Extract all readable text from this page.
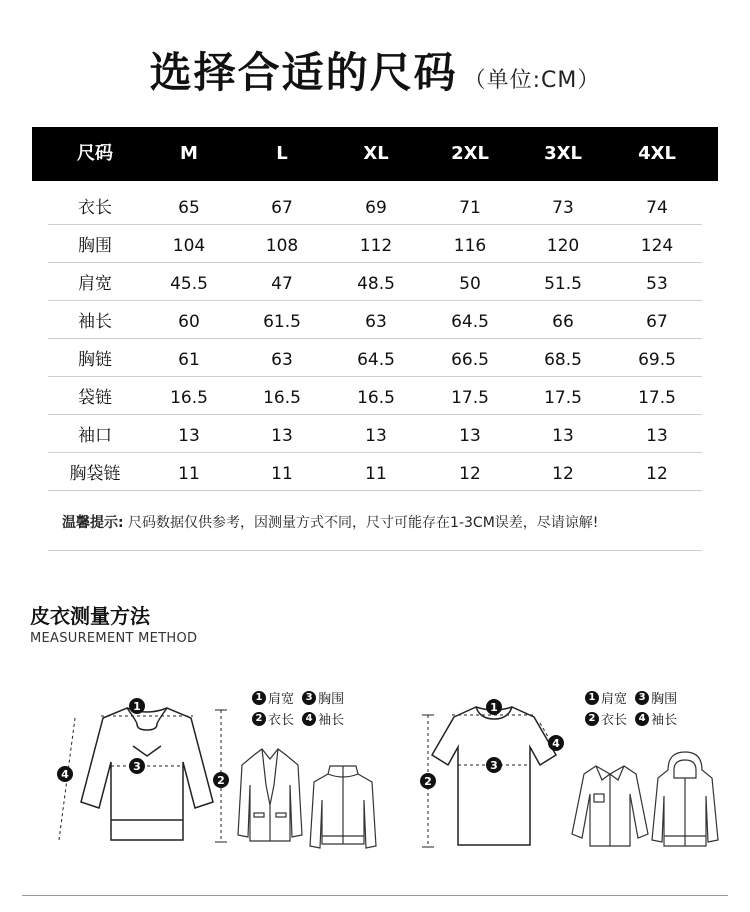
选择合适的尺码 （单位:CM）
尺码	M	L	XL	2XL	3XL	4XL
衣长	65	67	69	71	73	74
胸围	104	108	112	116	120	124
肩宽	45.5	47	48.5	50	51.5	53
袖长	60	61.5	63	64.5	66	67
胸链	61	63	64.5	66.5	68.5	69.5
袋链	16.5	16.5	16.5	17.5	17.5	17.5
袖口	13	13	13	13	13	13
胸袋链	11	11	11	12	12	12
温馨提示: 尺码数据仅供参考，因测量方式不同，尺寸可能存在1-3CM误差，尽请谅解!
皮衣测量方法
MEASUREMENT METHOD
1 肩宽 3 胸围
2 衣长 4 袖长
1 肩宽 3 胸围
2 衣长 4 袖长
1
3
2
4
1
3
2
4
